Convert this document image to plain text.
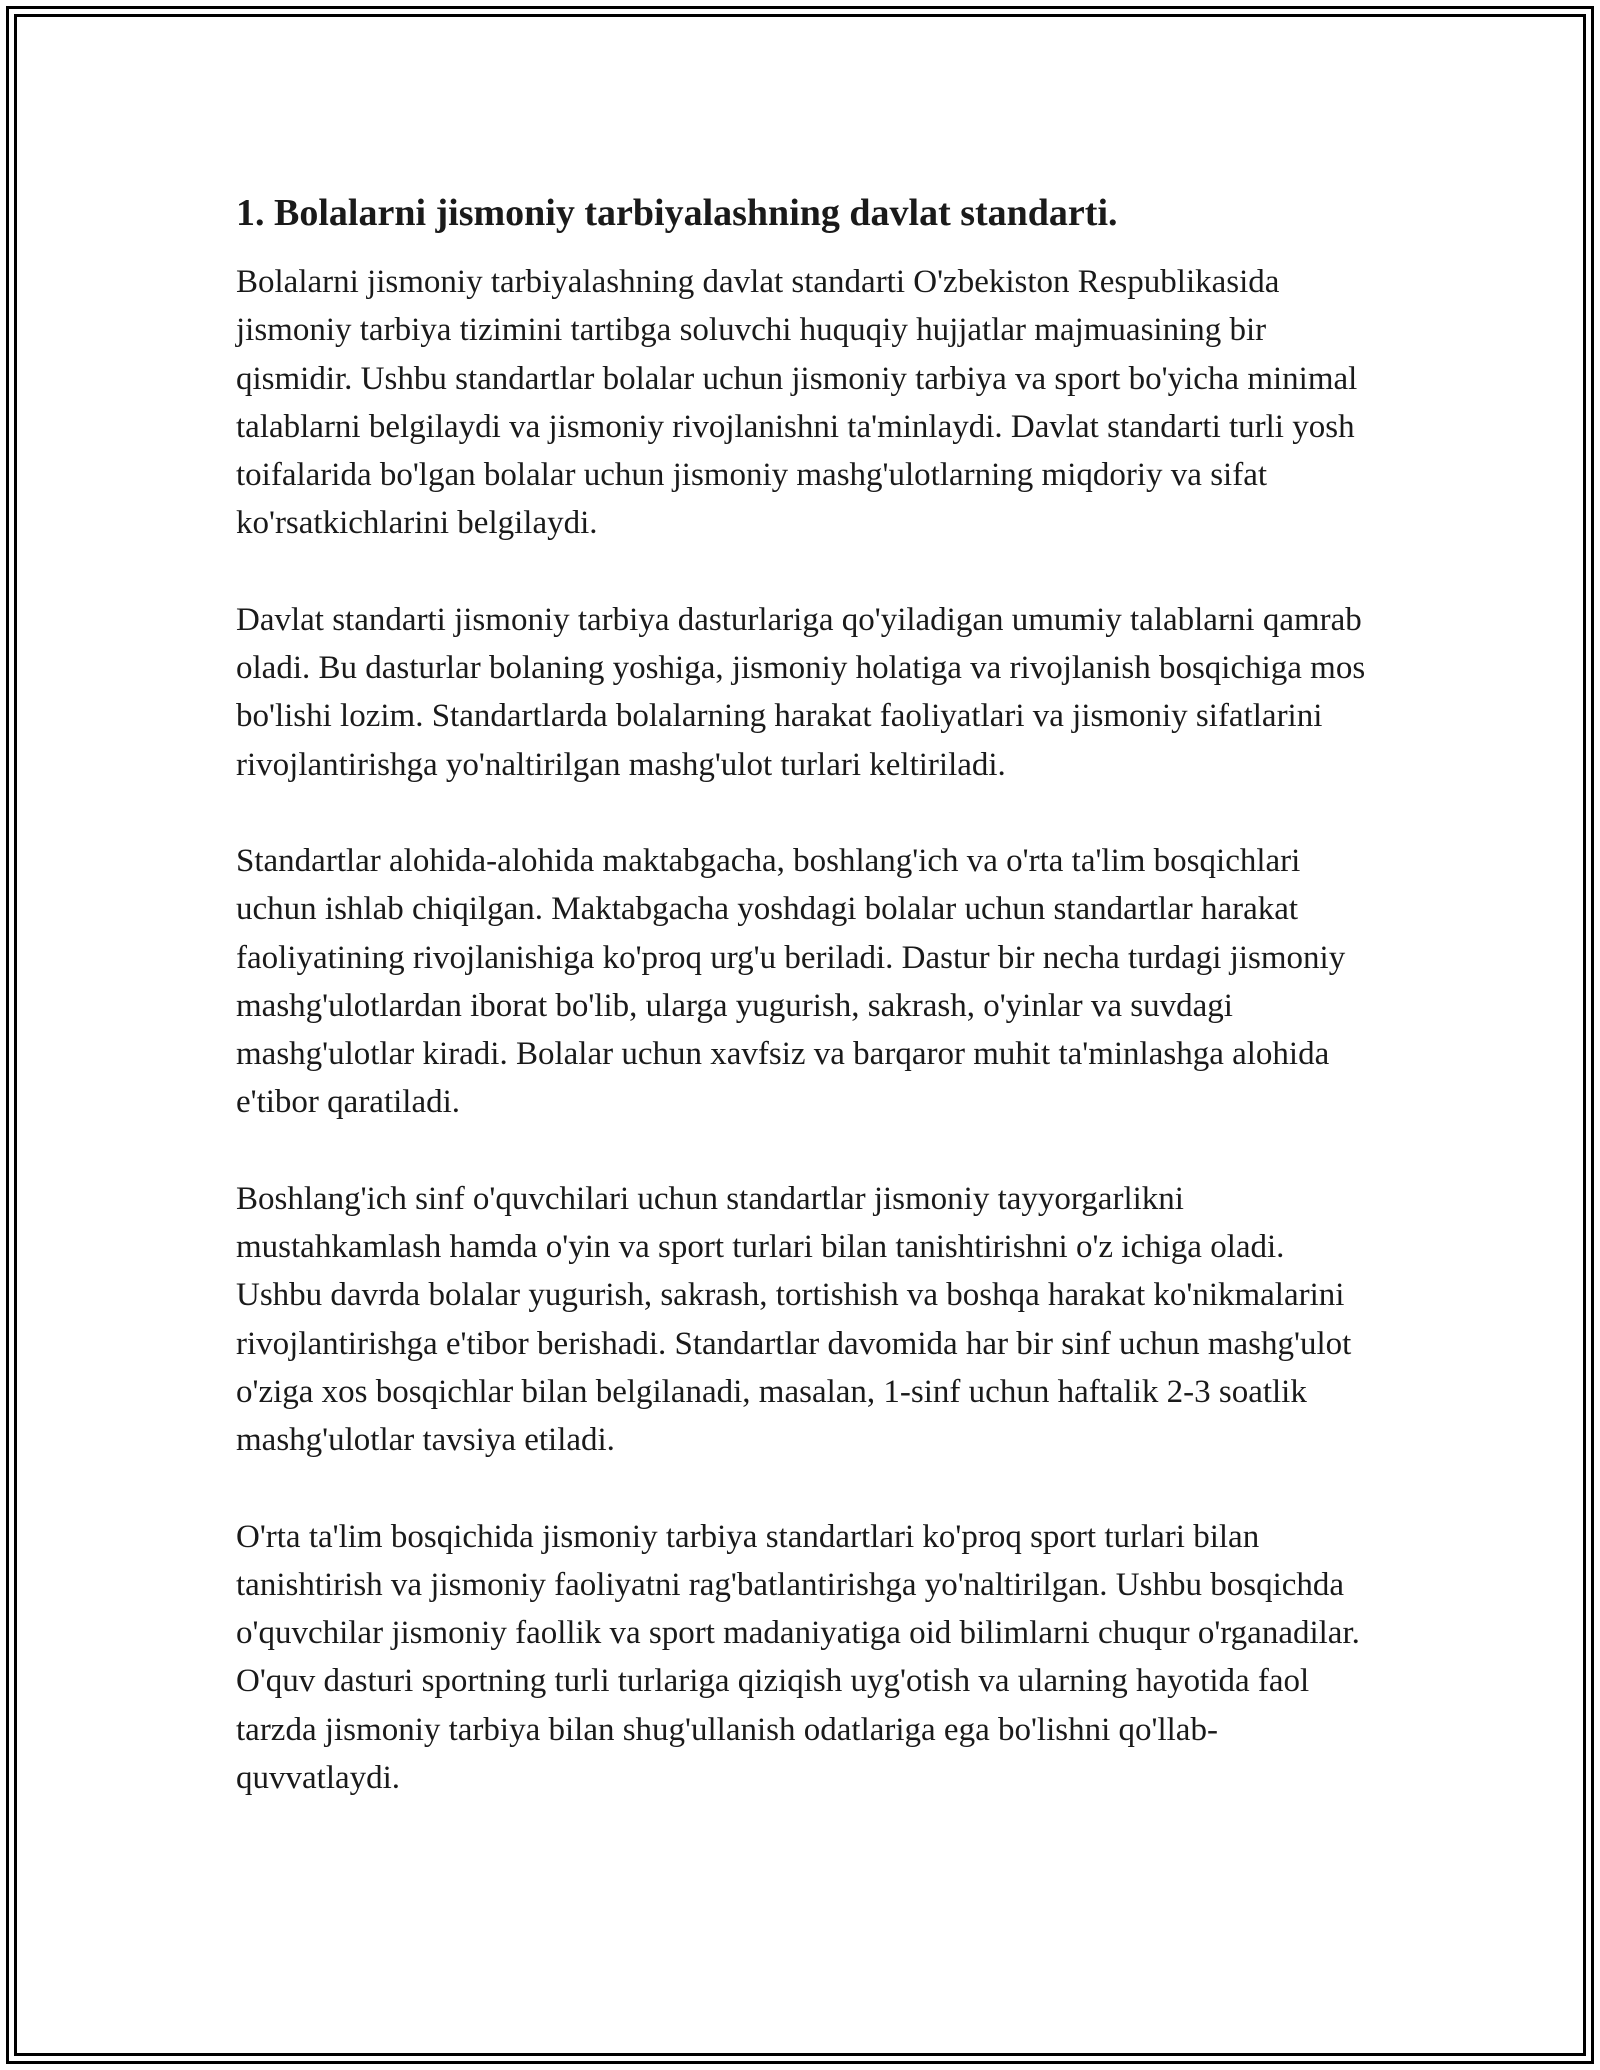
1. Bolalarni jismoniy tarbiyalashning davlat standarti.

Bolalarni jismoniy tarbiyalashning davlat standarti O'zbekiston Respublikasida jismoniy tarbiya tizimini tartibga soluvchi huquqiy hujjatlar majmuasining bir qismidir. Ushbu standartlar bolalar uchun jismoniy tarbiya va sport bo'yicha minimal talablarni belgilaydi va jismoniy rivojlanishni ta'minlaydi. Davlat standarti turli yosh toifalarida bo'lgan bolalar uchun jismoniy mashg'ulotlarning miqdoriy va sifat ko'rsatkichlarini belgilaydi.

Davlat standarti jismoniy tarbiya dasturlariga qo'yiladigan umumiy talablarni qamrab oladi. Bu dasturlar bolaning yoshiga, jismoniy holatiga va rivojlanish bosqichiga mos bo'lishi lozim. Standartlarda bolalarning harakat faoliyatlari va jismoniy sifatlarini rivojlantirishga yo'naltirilgan mashg'ulot turlari keltiriladi.

Standartlar alohida-alohida maktabgacha, boshlang'ich va o'rta ta'lim bosqichlari uchun ishlab chiqilgan. Maktabgacha yoshdagi bolalar uchun standartlar harakat faoliyatining rivojlanishiga ko'proq urg'u beriladi. Dastur bir necha turdagi jismoniy mashg'ulotlardan iborat bo'lib, ularga yugurish, sakrash, o'yinlar va suvdagi mashg'ulotlar kiradi. Bolalar uchun xavfsiz va barqaror muhit ta'minlashga alohida e'tibor qaratiladi.

Boshlang'ich sinf o'quvchilari uchun standartlar jismoniy tayyorgarlikni mustahkamlash hamda o'yin va sport turlari bilan tanishtirishni o'z ichiga oladi. Ushbu davrda bolalar yugurish, sakrash, tortishish va boshqa harakat ko'nikmalarini rivojlantirishga e'tibor berishadi. Standartlar davomida har bir sinf uchun mashg'ulot o'ziga xos bosqichlar bilan belgilanadi, masalan, 1-sinf uchun haftalik 2-3 soatlik mashg'ulotlar tavsiya etiladi.

O'rta ta'lim bosqichida jismoniy tarbiya standartlari ko'proq sport turlari bilan tanishtirish va jismoniy faoliyatni rag'batlantirishga yo'naltirilgan. Ushbu bosqichda o'quvchilar jismoniy faollik va sport madaniyatiga oid bilimlarni chuqur o'rganadilar. O'quv dasturi sportning turli turlariga qiziqish uyg'otish va ularning hayotida faol tarzda jismoniy tarbiya bilan shug'ullanish odatlariga ega bo'lishni qo'llab-quvvatlaydi.
